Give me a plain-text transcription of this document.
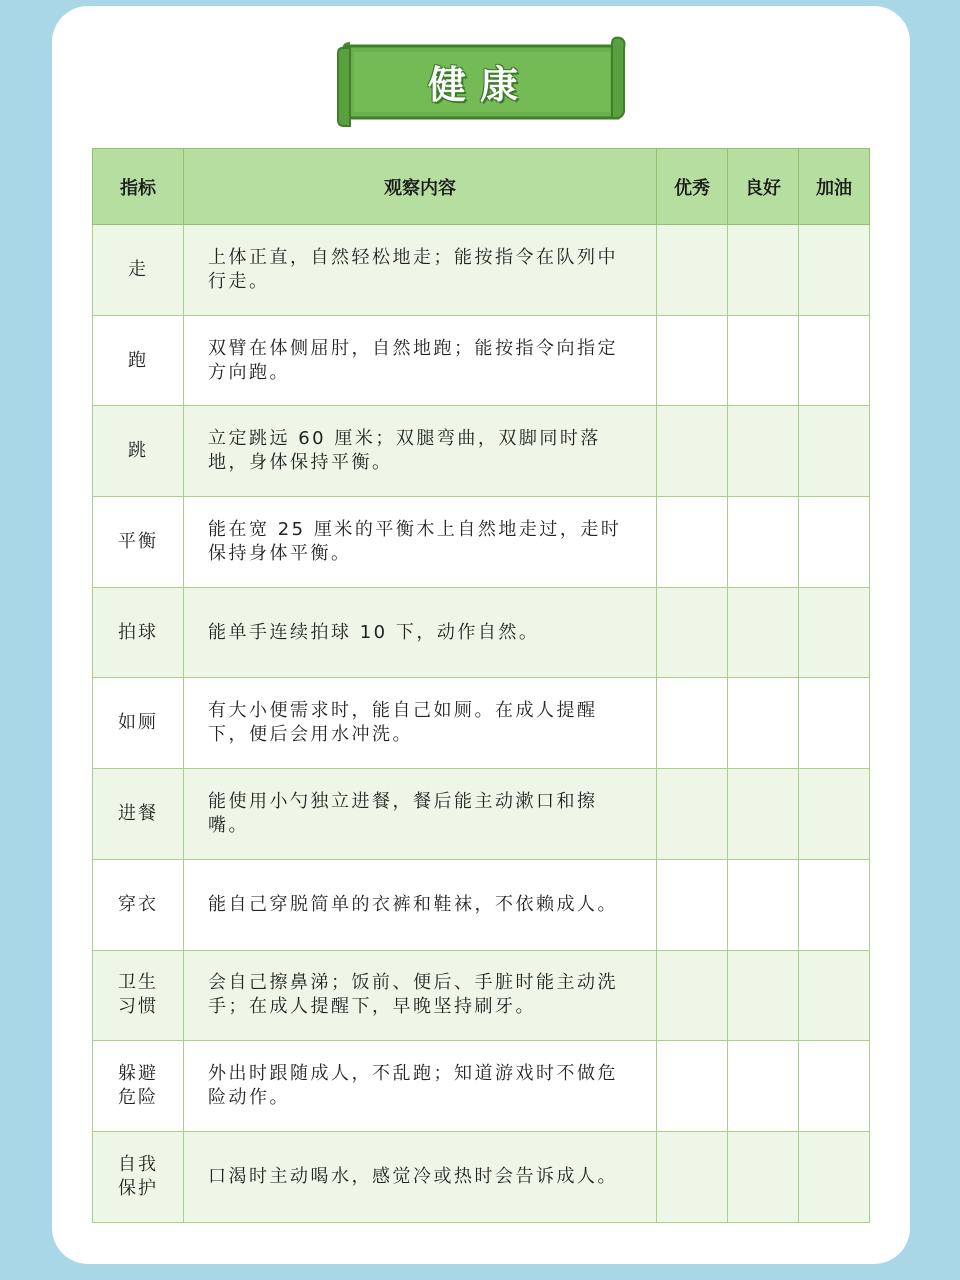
健康
指标	观察内容	优秀	良好	加油
走	上体正直，自然轻松地走；能按指令在队列中行走。			

跑	双臂在体侧屈肘，自然地跑；能按指令向指定方向跑。			

跳	立定跳远 60 厘米；双腿弯曲，双脚同时落地，身体保持平衡。			

平衡	能在宽 25 厘米的平衡木上自然地走过，走时保持身体平衡。			

拍球	能单手连续拍球 10 下，动作自然。			

如厕	有大小便需求时，能自己如厕。在成人提醒下，便后会用水冲洗。			

进餐	能使用小勺独立进餐，餐后能主动漱口和擦嘴。			

穿衣	能自己穿脱简单的衣裤和鞋袜，不依赖成人。			

卫生习惯	会自己擦鼻涕；饭前、便后、手脏时能主动洗手；在成人提醒下，早晚坚持刷牙。			

躲避危险	外出时跟随成人，不乱跑；知道游戏时不做危险动作。			

自我保护	口渴时主动喝水，感觉冷或热时会告诉成人。			
